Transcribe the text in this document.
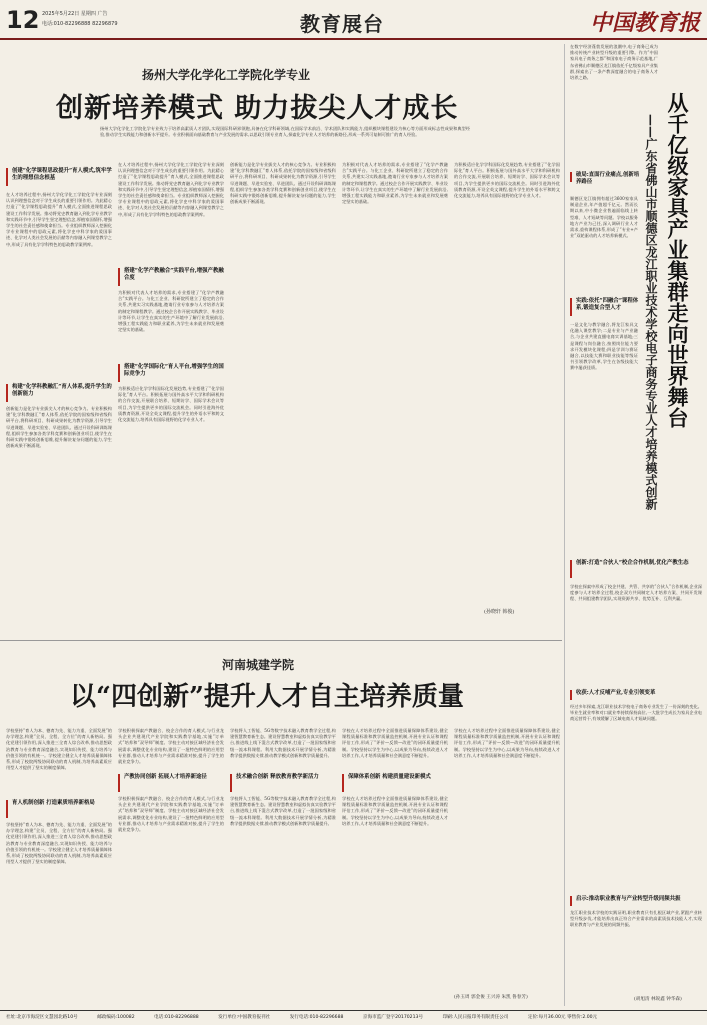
12 2025年5月22日 星期四 广告
电话:010-82296888 82296879	教育展台	中国教育报
扬州大学化学化工学院化学专业
创新培养模式 助力拔尖人才成长
扬州大学化学化工学院化学专业致力于培养高素质人才团队,实现国际科研界领跑,具备在化学科研领域,在国际学术前沿、学术团队和实践能力,组织模块课程建设为核心等方面形成标志性成果和典型经验,推动学生实践能力和创新水平提升。专业积极面向基础教育与产业发展的需求,以思政引领专业育人,探索化学专业人才培养的新路径,形成一系列可复制可推广的育人经验。
创建“化学课程思政提升”育人模式,筑牢学生的理想信念根基
在人才培养过程中,扬州大学化学化工学院化学专业深刻认识到理想信念对于学生成长的重要引领作用。为此精心打造了“化学课程思政提升”育人模式,全面推进课程思政建设工作科学发展。推动将党史教育融入到化学专业教学和实践环节中,引导学生坚定理想信念,厚植家国情怀,增强学生的社会责任感和使命担当。专业组织教师深入挖掘化学专业课程中的思政元素,将化学史中科学家的爱国事迹、化学对人类社会发展的贡献等内容融入到课堂教学之中,形成了具有化学学科特色的思政教学案例库。
构建“化学科教融汇”育人体系,提升学生的创新能力
创新能力是化学专业拔尖人才的核心竞争力。专业积极构建“化学科教融汇”育人体系,依托学院的国家级和省级科研平台,将科研项目、科研成果转化为教学资源,引导学生早进课题、早进实验室、早进团队。通过开设科研训练课程,组织学生参加各类学科竞赛和创新创业项目,使学生在科研实践中锻炼创新思维,提升解决复杂问题的能力,学生创新成果不断涌现。
在人才培养过程中,扬州大学化学化工学院化学专业深刻认识到理想信念对于学生成长的重要引领作用。为此精心打造了“化学课程思政提升”育人模式,全面推进课程思政建设工作科学发展。推动将党史教育融入到化学专业教学和实践环节中,引导学生坚定理想信念,厚植家国情怀,增强学生的社会责任感和使命担当。专业组织教师深入挖掘化学专业课程中的思政元素,将化学史中科学家的爱国事迹、化学对人类社会发展的贡献等内容融入到课堂教学之中,形成了具有化学学科特色的思政教学案例库。
搭建“化学产教融合”实践平台,增强产教融合度
为积极对代表人才培养的需求,专业搭建了“化学产教融合”实践平台。与化工企业、科研院所建立了稳定的合作关系,共建实习实践基地,邀请行业专家参与人才培养方案的制定和课程教学。通过校企合作开展实践教学、毕业设计等环节,让学生在真实的生产环境中了解行业发展前沿,增强工程实践能力和职业素养,为学生未来就业和发展奠定坚实的基础。
搭建“化学国际化”育人平台,增强学生的国际竞争力
为积极适应化学学科国际化发展趋势,专业搭建了“化学国际化”育人平台。积极拓展与国外高水平大学和科研机构的合作交流,开展联合培养、短期访学、国际学术会议等项目,为学生提供更多的国际交流机会。同时引进海外优质教育资源,开设全英文课程,提升学生的外语水平和跨文化交流能力,培养具有国际视野的化学专业人才。
创新能力是化学专业拔尖人才的核心竞争力。专业积极构建“化学科教融汇”育人体系,依托学院的国家级和省级科研平台,将科研项目、科研成果转化为教学资源,引导学生早进课题、早进实验室、早进团队。通过开设科研训练课程,组织学生参加各类学科竞赛和创新创业项目,使学生在科研实践中锻炼创新思维,提升解决复杂问题的能力,学生创新成果不断涌现。
为积极对代表人才培养的需求,专业搭建了“化学产教融合”实践平台。与化工企业、科研院所建立了稳定的合作关系,共建实习实践基地,邀请行业专家参与人才培养方案的制定和课程教学。通过校企合作开展实践教学、毕业设计等环节,让学生在真实的生产环境中了解行业发展前沿,增强工程实践能力和职业素养,为学生未来就业和发展奠定坚实的基础。
为积极适应化学学科国际化发展趋势,专业搭建了“化学国际化”育人平台。积极拓展与国外高水平大学和科研机构的合作交流,开展联合培养、短期访学、国际学术会议等项目,为学生提供更多的国际交流机会。同时引进海外优质教育资源,开设全英文课程,提升学生的外语水平和跨文化交流能力,培养具有国际视野的化学专业人才。
(孙晓轩 韩俊)
河南城建学院
以“四创新”提升人才自主培养质量
学校坚持“育人为本、德育为先、能力为重、全面发展”的办学理念,构建“全员、全程、全方位”的育人新格局。强化党建引领作用,深入推进三全育人综合改革,推动思想政治教育与专业教育深度融合,实现知识传授、能力培养与价值引领的有机统一。学校建立健全人才培养质量保障体系,形成了校院两级协同联动的育人机制,为培养高素质应用型人才提供了坚实的制度保障。
育人机制创新 打造素质培养新格局
学校坚持“育人为本、德育为先、能力为重、全面发展”的办学理念,构建“全员、全程、全方位”的育人新格局。强化党建引领作用,深入推进三全育人综合改革,推动思想政治教育与专业教育深度融合,实现知识传授、能力培养与价值引领的有机统一。学校建立健全人才培养质量保障体系,形成了校院两级协同联动的育人机制,为培养高素质应用型人才提供了坚实的制度保障。
学校积极探索产教融合、校企合作的育人模式,与行业龙头企业共建现代产业学院和实践教学基地,实施“订单式”培养和“双导师”制度。学校主动对接区域经济社会发展需求,调整优化专业结构,建设了一批特色鲜明的应用型专业群,推动人才培养与产业需求精准对接,提升了学生的就业竞争力。
产教协同创新 拓展人才培养新途径
学校积极探索产教融合、校企合作的育人模式,与行业龙头企业共建现代产业学院和实践教学基地,实施“订单式”培养和“双导师”制度。学校主动对接区域经济社会发展需求,调整优化专业结构,建设了一批特色鲜明的应用型专业群,推动人才培养与产业需求精准对接,提升了学生的就业竞争力。
学校将人工智能、5G等数字技术融入教育教学全过程,构建智慧教育新生态。建设智慧教室和虚拟仿真实验教学平台,推进线上线下混合式教学改革,打造了一批国家级和省级一流本科课程。利用大数据技术开展学情分析,为精准教学提供数据支撑,推动教学模式创新和教学质量提升。
技术融合创新 释放教育教学新活力
学校将人工智能、5G等数字技术融入教育教学全过程,构建智慧教育新生态。建设智慧教室和虚拟仿真实验教学平台,推进线上线下混合式教学改革,打造了一批国家级和省级一流本科课程。利用大数据技术开展学情分析,为精准教学提供数据支撑,推动教学模式创新和教学质量提升。
学校在人才培养过程中全面推进质量保障体系建设,健全课程质量标准和教学质量监控机制,开展专业认证和课程评估工作,形成了“评价—反馈—改进”的闭环质量提升机制。学校坚持以学生为中心,以成果为导向,持续改进人才培养工作,人才培养质量和社会满意度不断提升。
保障体系创新 构建质量建设新模式
学校在人才培养过程中全面推进质量保障体系建设,健全课程质量标准和教学质量监控机制,开展专业认证和课程评估工作,形成了“评价—反馈—改进”的闭环质量提升机制。学校坚持以学生为中心,以成果为导向,持续改进人才培养工作,人才培养质量和社会满意度不断提升。
学校在人才培养过程中全面推进质量保障体系建设,健全课程质量标准和教学质量监控机制,开展专业认证和课程评估工作,形成了“评价—反馈—改进”的闭环质量提升机制。学校坚持以学生为中心,以成果为导向,持续改进人才培养工作,人才培养质量和社会满意度不断提升。
(孙玉周 郭金俊 王兴涛 朱凯 鲁春芳)
在数字经济蓬勃发展的浪潮中,电子商务已成为推动传统产业转型升级的重要引擎。作为“中国家具电子商务之都”和国家电子商务示范基地,广东省佛山市顺德区龙江镇依托千亿级家具产业集群,探索出了一条产教深度融合的电子商务人才培养之路。
从千亿级家具产业集群走向世界舞台
——广东省佛山市顺德区龙江职业技术学校电子商务专业人才培养模式创新
破局:直面行业痛点,创新培养路径
顺德区龙江镇拥有超过3600家家具制造企业,年产值超千亿元。然而长期以来,中小微企业普遍面临线上转型难、人才短缺等问题。学校以服务地方产业为己任,深入调研行业人才需求,重构课程体系,形成了“专业+产业”双轮驱动的人才培养新模式。
实践:依托“四融合”课程体系,锻造复合型人才
一是文化与教学融合,将龙江家具文化融入课堂教学;二是专业与产业融合,与企业共建直播电商实训基地;三是课程与岗位融合,按照岗位能力要求开发模块化课程;四是学训与赛证融合,以技能大赛和职业技能等级证书引领教学改革,学生在各级技能大赛中屡获佳绩。
创新:打造“合伙人”校企合作机制,优化产教生态
学校在探索中形成了校企共建、共管、共享的“合伙人”合作机制,企业深度参与人才培养全过程,校企双方共同制定人才培养方案、共同开发课程、共同组建教学团队,实现资源共享、优势互补、互利共赢。
收获:人才反哺产业,专业引领变革
经过多年探索,龙江职业技术学校电子商务专业发生了一份深刻的变化。毕业生就业率和对口就业率持续保持高位,一大批学生成长为家具企业电商运营骨干,有效缓解了区域电商人才短缺问题。
启示:推动职业教育与产业转型升级同频共振
龙江职业技术学校的实践证明,职业教育只有扎根区域产业,紧跟产业转型升级步伐,才能培养出真正符合产业需求的高素质技术技能人才,实现职业教育与产业发展的同频共振。
(胡旭清 林锐鑫 钟华森)
社址:北京市海淀区文慧园北路10号	邮政编码:100082	电话:010-82296888	发行单位:中国教育报刊社	发行电话:010-82296688	京海市监广登字20170213号	印刷:人民日报印务有限责任公司	定价:每月36.00元 零售价:2.00元
